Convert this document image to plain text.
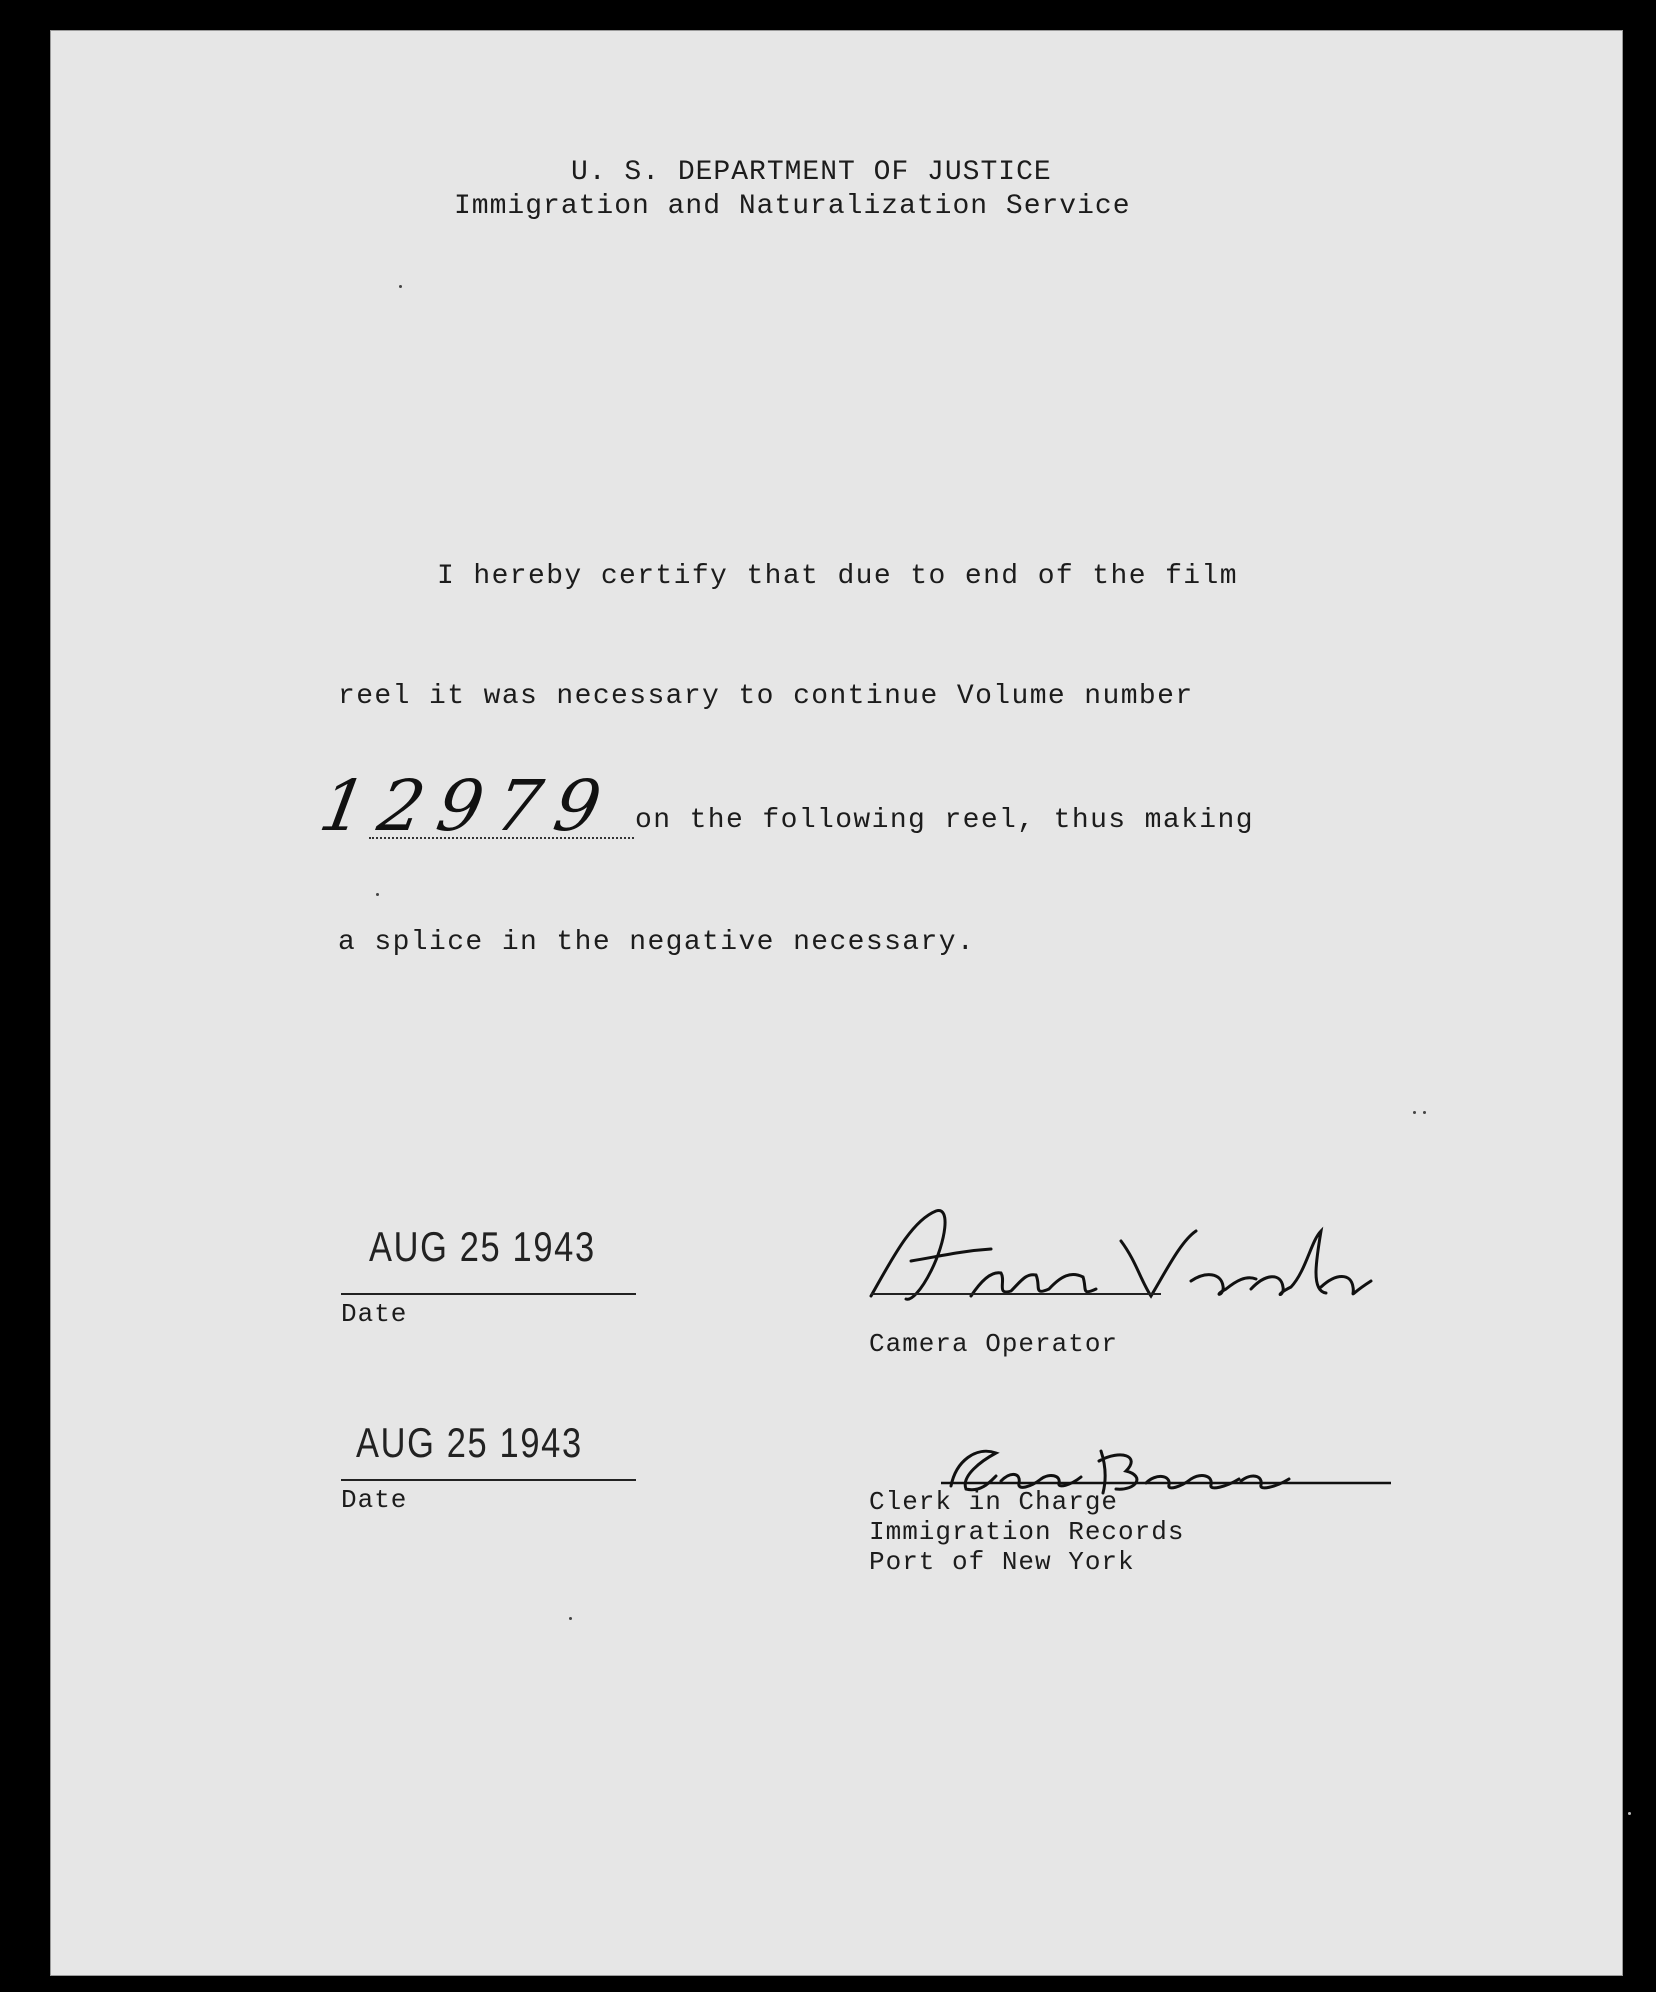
U. S. DEPARTMENT OF JUSTICE
Immigration and Naturalization Service
I hereby certify that due to end of the film
reel it was necessary to continue Volume number
12979 on the following reel, thus making
a splice in the negative necessary.
AUG 25 1943
Date
Camera Operator
AUG 25 1943
Date	Clerk in Charge
Immigration Records
Port of New York
